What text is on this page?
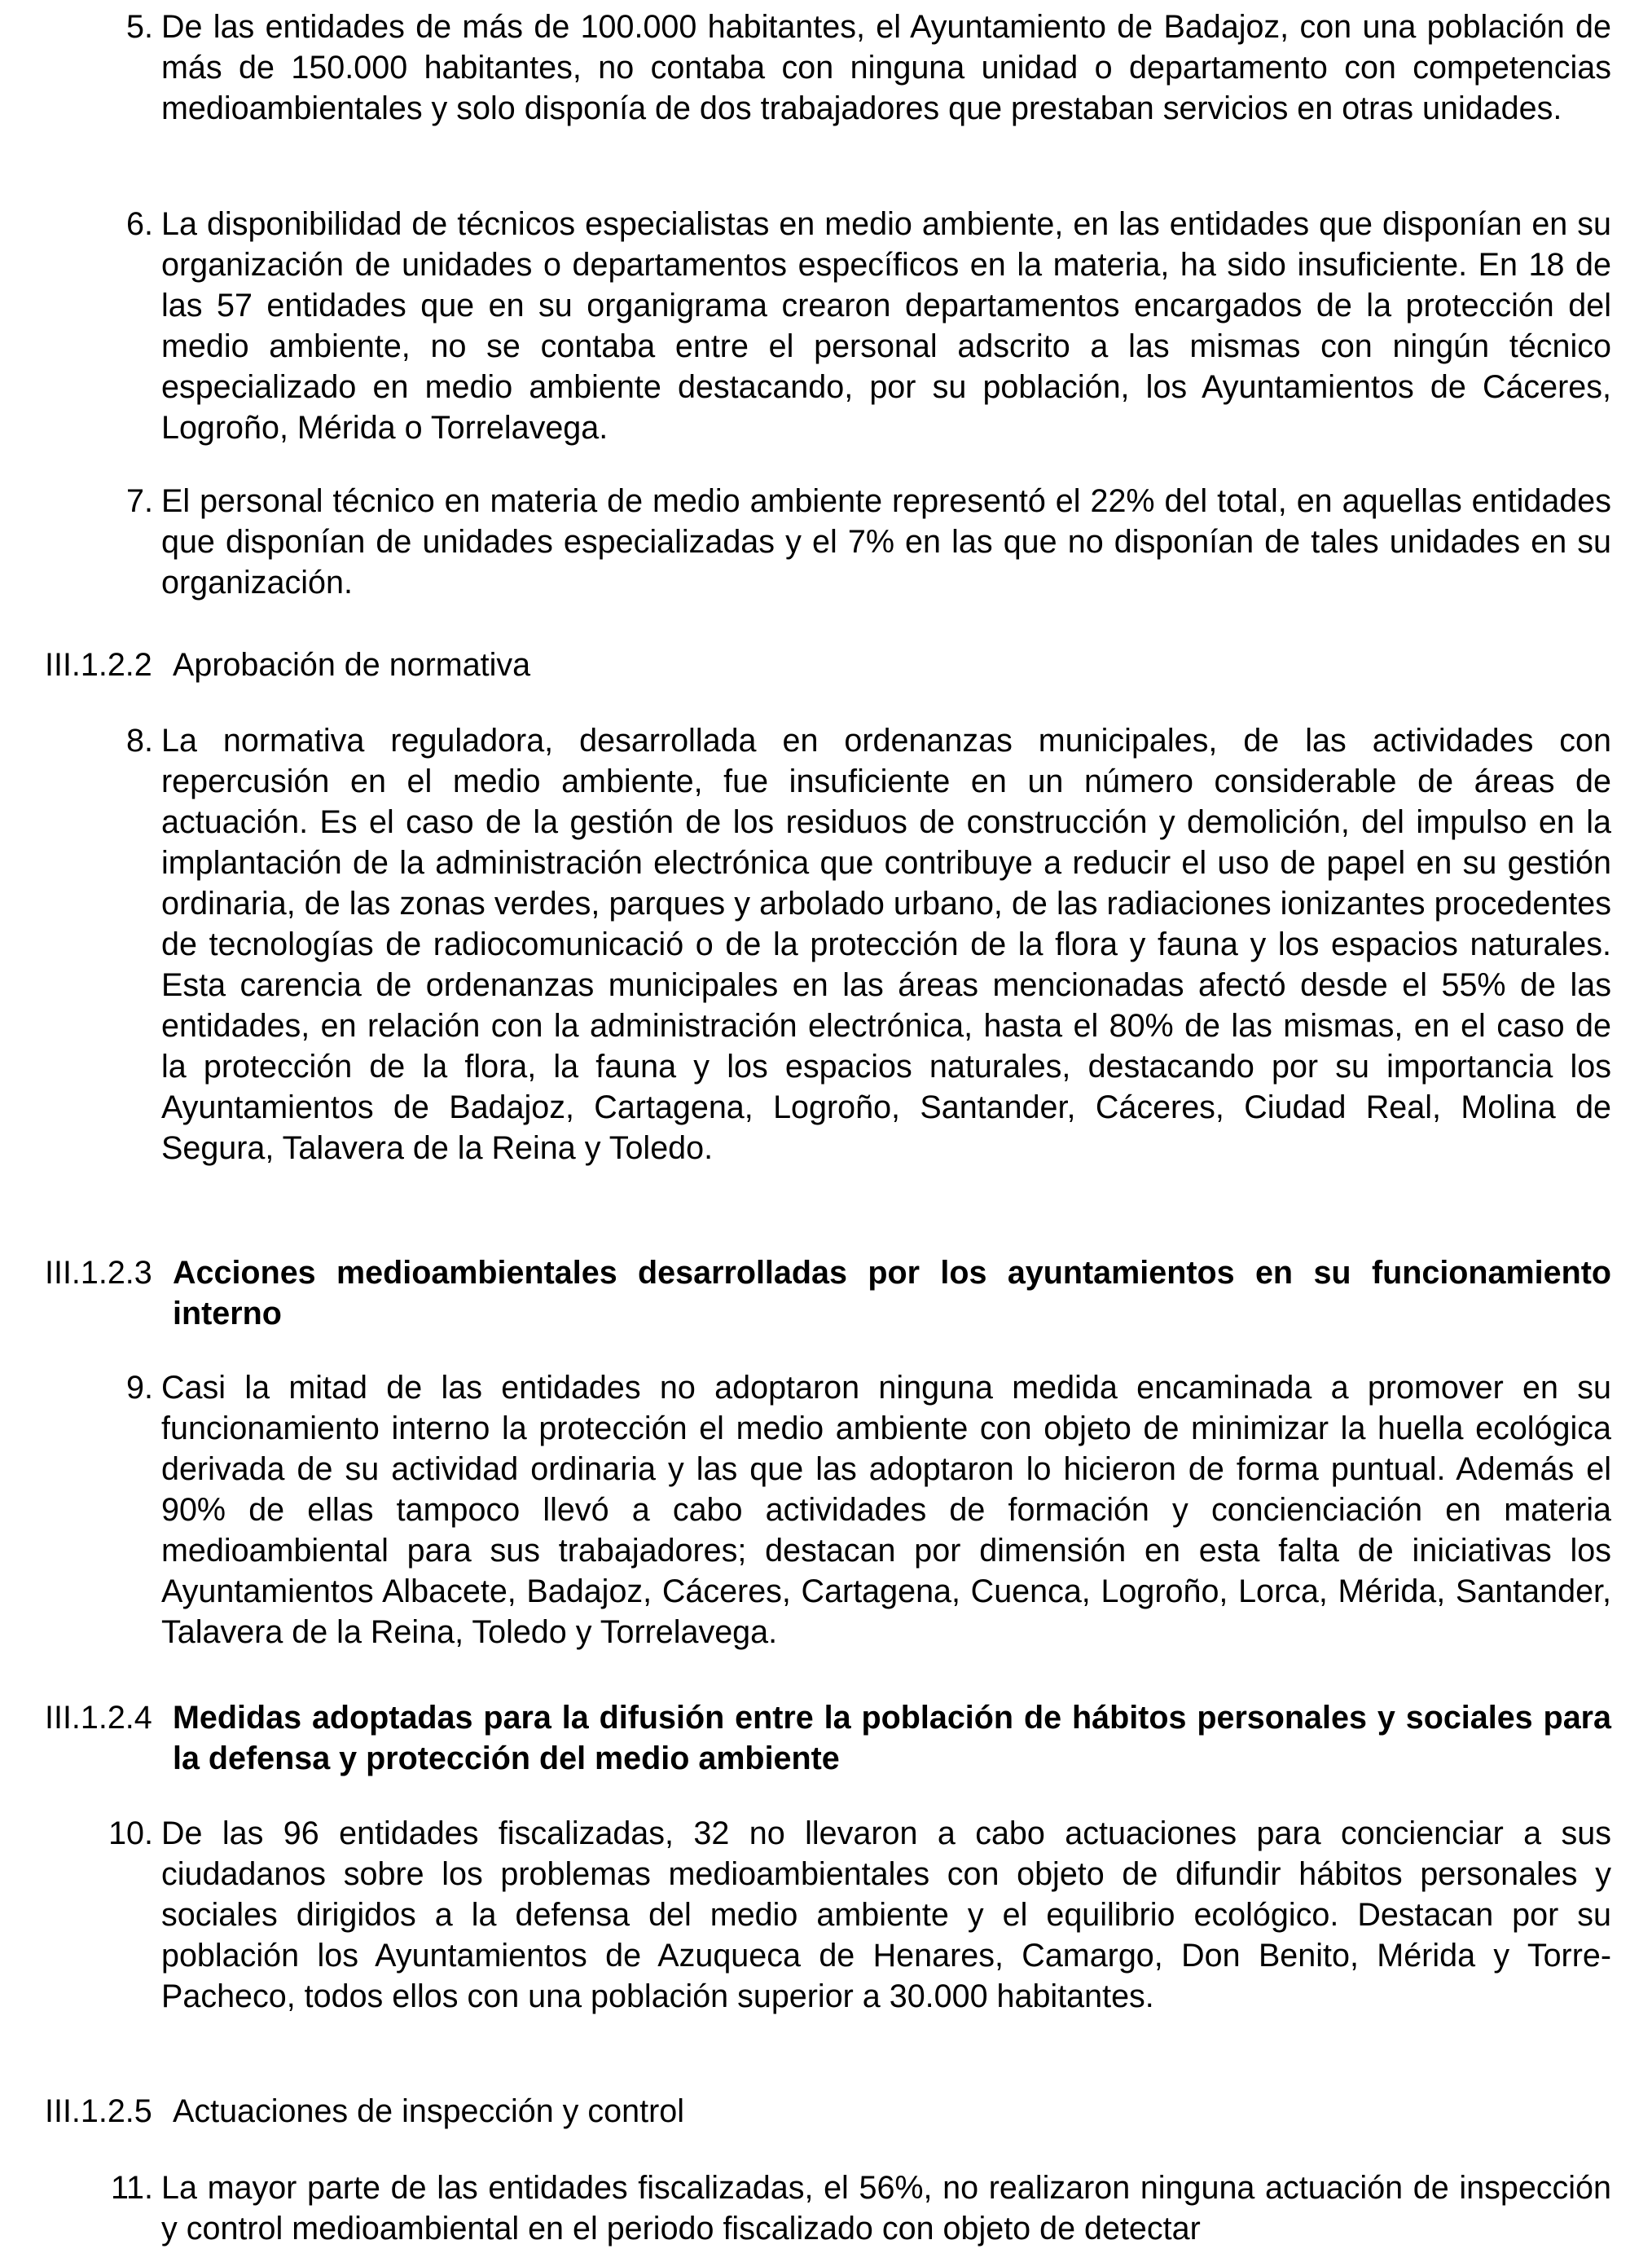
5. De las entidades de más de 100.000 habitantes, el Ayuntamiento de Badajoz, con una población de más de 150.000 habitantes, no contaba con ninguna unidad o departamento con competencias medioambientales y solo disponía de dos trabajadores que prestaban servicios en otras unidades.
6. La disponibilidad de técnicos especialistas en medio ambiente, en las entidades que disponían en su organización de unidades o departamentos específicos en la materia, ha sido insuficiente. En 18 de las 57 entidades que en su organigrama crearon departamentos encargados de la protección del medio ambiente, no se contaba entre el personal adscrito a las mismas con ningún técnico especializado en medio ambiente destacando, por su población, los Ayuntamientos de Cáceres, Logroño, Mérida o Torrelavega.
7. El personal técnico en materia de medio ambiente representó el 22% del total, en aquellas entidades que disponían de unidades especializadas y el 7% en las que no disponían de tales unidades en su organización.
III.1.2.2 Aprobación de normativa
8. La normativa reguladora, desarrollada en ordenanzas municipales, de las actividades con repercusión en el medio ambiente, fue insuficiente en un número considerable de áreas de actuación. Es el caso de la gestión de los residuos de construcción y demolición, del impulso en la implantación de la administración electrónica que contribuye a reducir el uso de papel en su gestión ordinaria, de las zonas verdes, parques y arbolado urbano, de las radiaciones ionizantes procedentes de tecnologías de radiocomunicació o de la protección de la flora y fauna y los espacios naturales. Esta carencia de ordenanzas municipales en las áreas mencionadas afectó desde el 55% de las entidades, en relación con la administración electrónica, hasta el 80% de las mismas, en el caso de la protección de la flora, la fauna y los espacios naturales, destacando por su importancia los Ayuntamientos de Badajoz, Cartagena, Logroño, Santander, Cáceres, Ciudad Real, Molina de Segura, Talavera de la Reina y Toledo.
III.1.2.3 Acciones medioambientales desarrolladas por los ayuntamientos en su funcionamiento interno
9. Casi la mitad de las entidades no adoptaron ninguna medida encaminada a promover en su funcionamiento interno la protección el medio ambiente con objeto de minimizar la huella ecológica derivada de su actividad ordinaria y las que las adoptaron lo hicieron de forma puntual. Además el 90% de ellas tampoco llevó a cabo actividades de formación y concienciación en materia medioambiental para sus trabajadores; destacan por dimensión en esta falta de iniciativas los Ayuntamientos Albacete, Badajoz, Cáceres, Cartagena, Cuenca, Logroño, Lorca, Mérida, Santander, Talavera de la Reina, Toledo y Torrelavega.
III.1.2.4 Medidas adoptadas para la difusión entre la población de hábitos personales y sociales para la defensa y protección del medio ambiente
10. De las 96 entidades fiscalizadas, 32 no llevaron a cabo actuaciones para concienciar a sus ciudadanos sobre los problemas medioambientales con objeto de difundir hábitos personales y sociales dirigidos a la defensa del medio ambiente y el equilibrio ecológico. Destacan por su población los Ayuntamientos de Azuqueca de Henares, Camargo, Don Benito, Mérida y Torre-Pacheco, todos ellos con una población superior a 30.000 habitantes.
III.1.2.5 Actuaciones de inspección y control
11. La mayor parte de las entidades fiscalizadas, el 56%, no realizaron ninguna actuación de inspección y control medioambiental en el periodo fiscalizado con objeto de detectar
